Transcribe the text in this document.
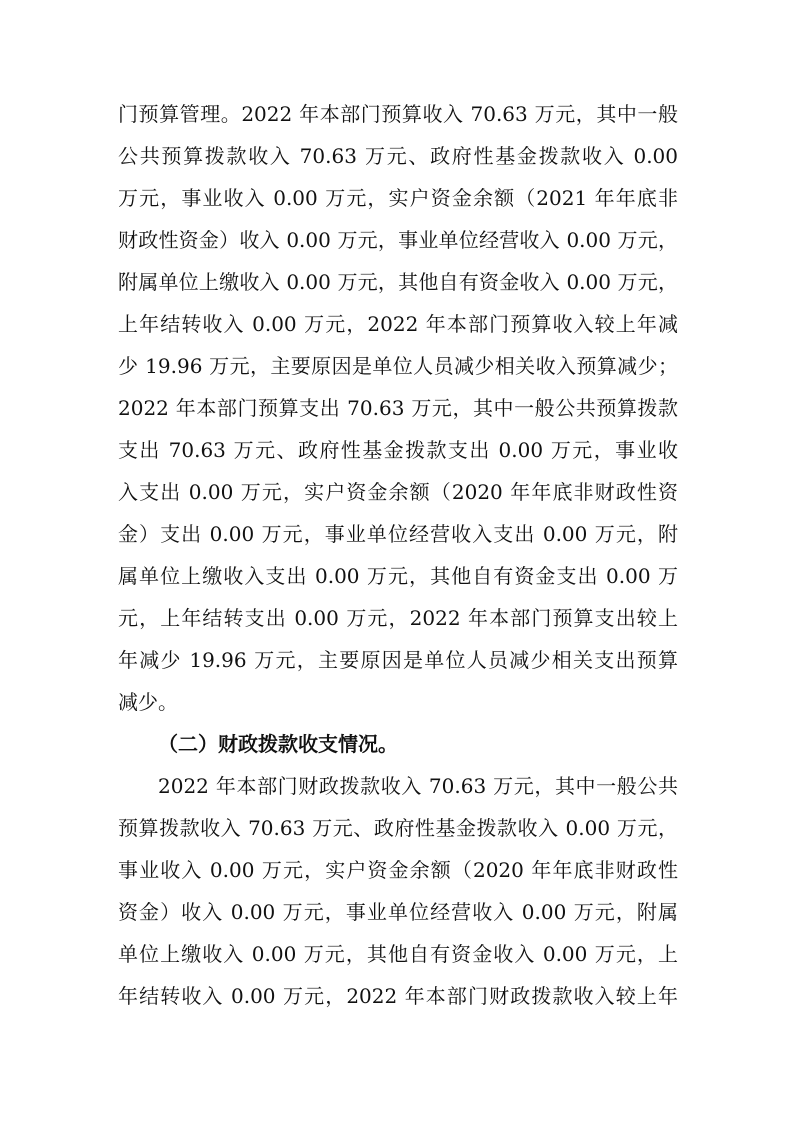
门预算管理。2022 年本部门预算收入 70.63 万元，其中一般
公共预算拨款收入 70.63 万元、政府性基金拨款收入 0.00
万元，事业收入 0.00 万元，实户资金余额（2021 年年底非
财政性资金）收入 0.00 万元，事业单位经营收入 0.00 万元，
附属单位上缴收入 0.00 万元，其他自有资金收入 0.00 万元，
上年结转收入 0.00 万元，2022 年本部门预算收入较上年减
少 19.96 万元，主要原因是单位人员减少相关收入预算减少；
2022 年本部门预算支出 70.63 万元，其中一般公共预算拨款
支出 70.63 万元、政府性基金拨款支出 0.00 万元，事业收
入支出 0.00 万元，实户资金余额（2020 年年底非财政性资
金）支出 0.00 万元，事业单位经营收入支出 0.00 万元，附
属单位上缴收入支出 0.00 万元，其他自有资金支出 0.00 万
元，上年结转支出 0.00 万元，2022 年本部门预算支出较上
年减少 19.96 万元，主要原因是单位人员减少相关支出预算
减少。
（二）财政拨款收支情况。
2022 年本部门财政拨款收入 70.63 万元，其中一般公共
预算拨款收入 70.63 万元、政府性基金拨款收入 0.00 万元，
事业收入 0.00 万元，实户资金余额（2020 年年底非财政性
资金）收入 0.00 万元，事业单位经营收入 0.00 万元，附属
单位上缴收入 0.00 万元，其他自有资金收入 0.00 万元，上
年结转收入 0.00 万元，2022 年本部门财政拨款收入较上年
